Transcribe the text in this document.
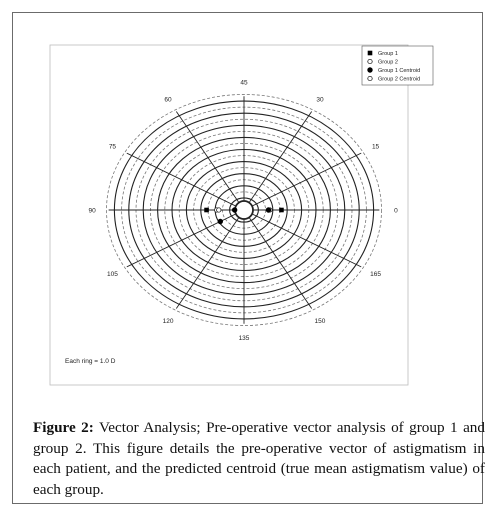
0
15
30
45
60
75
90
105
120
135
150
165
Group 1
Group 2
Group 1 Centroid
Group 2 Centroid
Each ring = 1.0 D
Figure 2: Vector Analysis; Pre-operative vector analysis of group 1 and group 2. This figure details the pre-operative vector of astigmatism in each patient, and the predicted centroid (true mean astigmatism value) of each group.
